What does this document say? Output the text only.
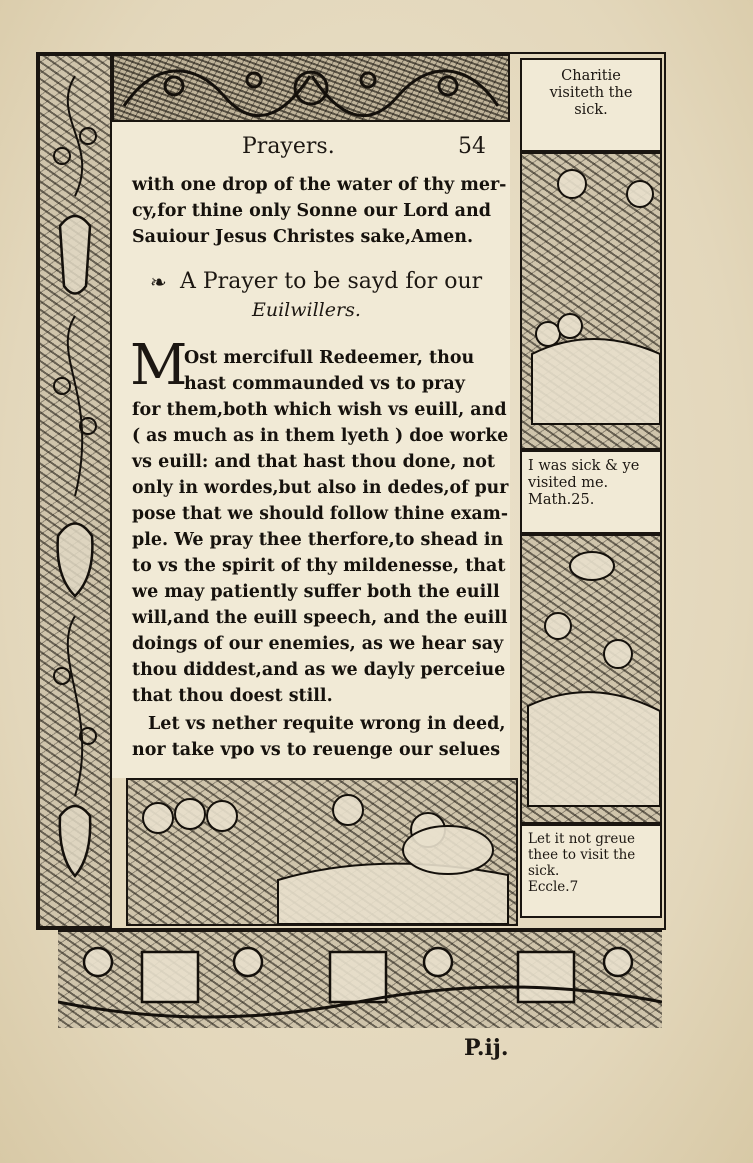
Prayers.	54
with one drop of the water of thy mer-
cy,for thine only Sonne our Lord and
Sauiour Jesus Christes sake,Amen.
❧ A Prayer to be sayd for our
Euilwillers.
M
Ost mercifull Redeemer, thou
hast commaunded vs to pray
for them,both which wish vs euill, and
( as much as in them lyeth ) doe worke
vs euill: and that hast thou done, not
only in wordes,but also in dedes,of pur
pose that we should follow thine exam-
ple. We pray thee therfore,to shead in
to vs the spirit of thy mildenesse, that
we may patiently suffer both the euill
will,and the euill speech, and the euill
doings of our enemies, as we hear say
thou diddest,and as we dayly perceiue
that thou doest still.
Let vs nether requite wrong in deed,
nor take vpo vs to reuenge our selues
Charitie
visiteth the
sick.
I was sick & ye
visited me.
Math.25.
Let it not greue
thee to visit the
sick.
Eccle.7
P.ij.
